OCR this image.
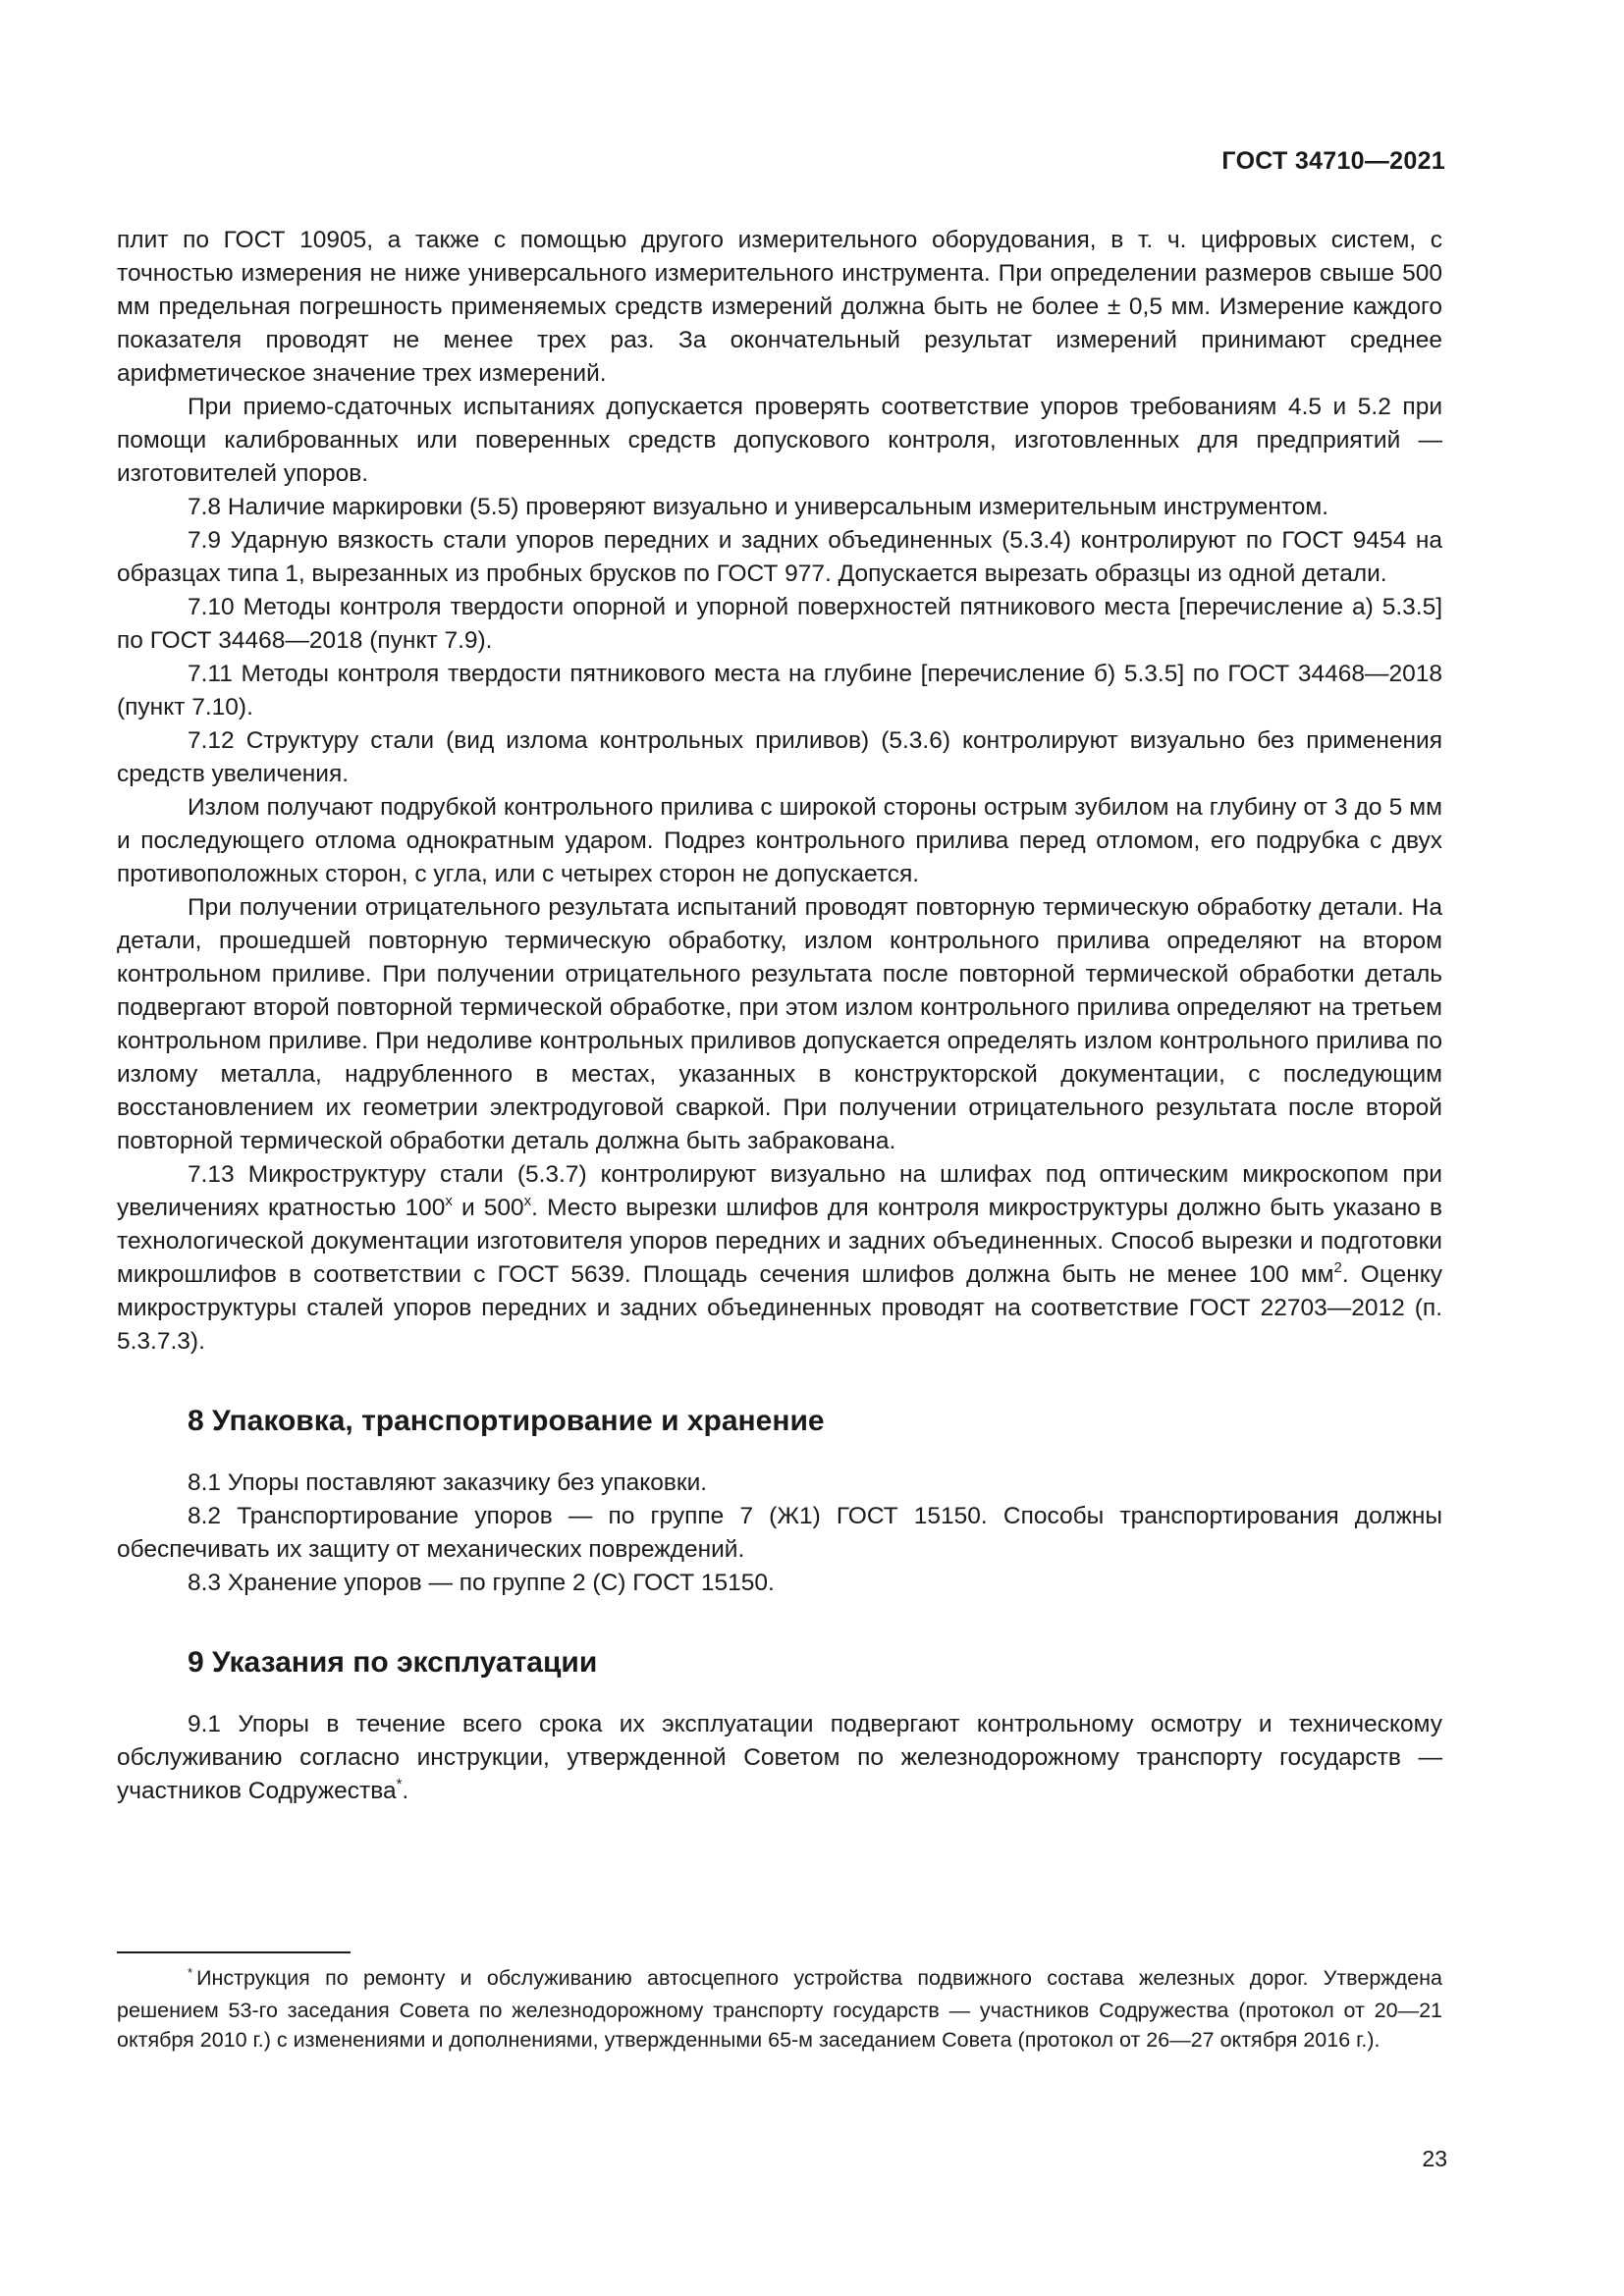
ГОСТ 34710—2021

плит по ГОСТ 10905, а также с помощью другого измерительного оборудования, в т. ч. цифровых систем, с точностью измерения не ниже универсального измерительного инструмента. При определении размеров свыше 500 мм предельная погрешность применяемых средств измерений должна быть не более ± 0,5 мм. Измерение каждого показателя проводят не менее трех раз. За окончательный результат измерений принимают среднее арифметическое значение трех измерений.

При приемо-сдаточных испытаниях допускается проверять соответствие упоров требованиям 4.5 и 5.2 при помощи калиброванных или поверенных средств допускового контроля, изготовленных для предприятий — изготовителей упоров.

7.8 Наличие маркировки (5.5) проверяют визуально и универсальным измерительным инструментом.

7.9 Ударную вязкость стали упоров передних и задних объединенных (5.3.4) контролируют по ГОСТ 9454 на образцах типа 1, вырезанных из пробных брусков по ГОСТ 977. Допускается вырезать образцы из одной детали.

7.10 Методы контроля твердости опорной и упорной поверхностей пятникового места [перечисление а) 5.3.5] по ГОСТ 34468—2018 (пункт 7.9).

7.11 Методы контроля твердости пятникового места на глубине [перечисление б) 5.3.5] по ГОСТ 34468—2018 (пункт 7.10).

7.12 Структуру стали (вид излома контрольных приливов) (5.3.6) контролируют визуально без применения средств увеличения.

Излом получают подрубкой контрольного прилива с широкой стороны острым зубилом на глубину от 3 до 5 мм и последующего отлома однократным ударом. Подрез контрольного прилива перед отломом, его подрубка с двух противоположных сторон, с угла, или с четырех сторон не допускается.

При получении отрицательного результата испытаний проводят повторную термическую обработку детали. На детали, прошедшей повторную термическую обработку, излом контрольного прилива определяют на втором контрольном приливе. При получении отрицательного результата после повторной термической обработки деталь подвергают второй повторной термической обработке, при этом излом контрольного прилива определяют на третьем контрольном приливе. При недоливе контрольных приливов допускается определять излом контрольного прилива по излому металла, надрубленного в местах, указанных в конструкторской документации, с последующим восстановлением их геометрии электродуговой сваркой. При получении отрицательного результата после второй повторной термической обработки деталь должна быть забракована.

7.13 Микроструктуру стали (5.3.7) контролируют визуально на шлифах под оптическим микроскопом при увеличениях кратностью $100^х$ и $500^х$. Место вырезки шлифов для контроля микроструктуры должно быть указано в технологической документации изготовителя упоров передних и задних объединенных. Способ вырезки и подготовки микрошлифов в соответствии с ГОСТ 5639. Площадь сечения шлифов должна быть не менее 100 $мм^2$. Оценку микроструктуры сталей упоров передних и задних объединенных проводят на соответствие ГОСТ 22703—2012 (п. 5.3.7.3).

8 Упаковка, транспортирование и хранение

8.1 Упоры поставляют заказчику без упаковки.

8.2 Транспортирование упоров — по группе 7 (Ж1) ГОСТ 15150. Способы транспортирования должны обеспечивать их защиту от механических повреждений.

8.3 Хранение упоров — по группе 2 (С) ГОСТ 15150.

9 Указания по эксплуатации

9.1 Упоры в течение всего срока их эксплуатации подвергают контрольному осмотру и техническому обслуживанию согласно инструкции, утвержденной Советом по железнодорожному транспорту государств — участников Содружества*.

* Инструкция по ремонту и обслуживанию автосцепного устройства подвижного состава железных дорог. Утверждена решением 53-го заседания Совета по железнодорожному транспорту государств — участников Содружества (протокол от 20—21 октября 2010 г.) с изменениями и дополнениями, утвержденными 65-м заседанием Совета (протокол от 26—27 октября 2016 г.).

23
